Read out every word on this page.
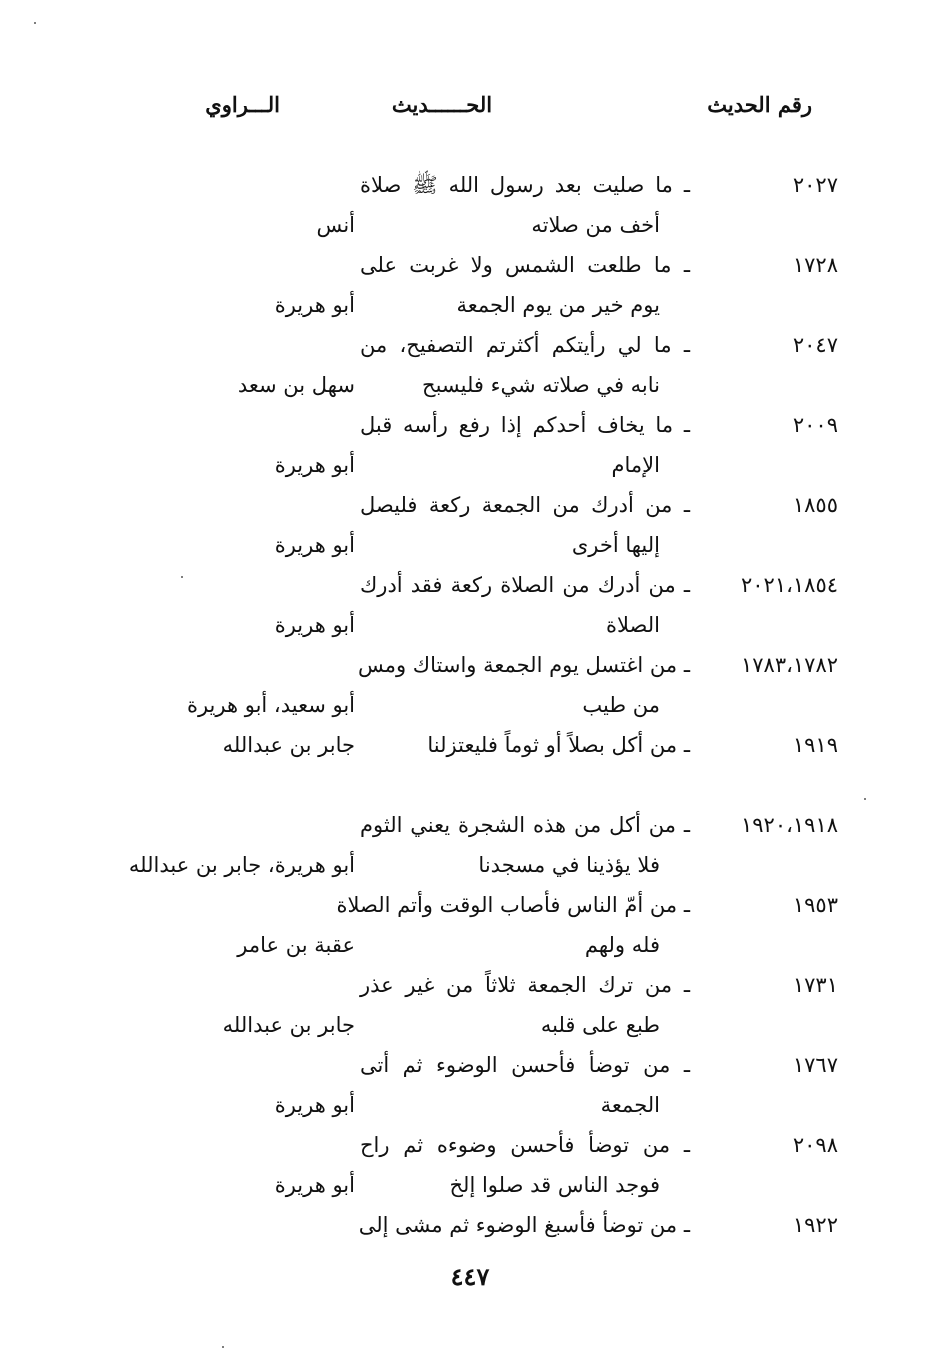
رقم الحديث
الحــــــديث
الـــراوي
٢٠٢٧
ـ ما صليت بعد رسول الله ﷺ صلاة
أخف من صلاته
أنس
١٧٢٨
ـ ما طلعت الشمس ولا غربت على
يوم خير من يوم الجمعة
أبو هريرة
٢٠٤٧
ـ ما لي رأيتكم أكثرتم التصفيح، من
نابه في صلاته شيء فليسبح
سهل بن سعد
٢٠٠٩
ـ ما يخاف أحدكم إذا رفع رأسه قبل
الإمام
أبو هريرة
١٨٥٥
ـ من أدرك من الجمعة ركعة فليصل
إليها أخرى
أبو هريرة
٢٠٢١،١٨٥٤
ـ من أدرك من الصلاة ركعة فقد أدرك
الصلاة
أبو هريرة
١٧٨٣،١٧٨٢
ـ من اغتسل يوم الجمعة واستاك ومس
من طيب
أبو سعيد، أبو هريرة
١٩١٩
ـ من أكل بصلاً أو ثوماً فليعتزلنا
جابر بن عبدالله
١٩٢٠،١٩١٨
ـ من أكل من هذه الشجرة يعني الثوم
فلا يؤذينا في مسجدنا
أبو هريرة، جابر بن عبدالله
١٩٥٣
ـ من أمّ الناس فأصاب الوقت وأتم الصلاة
فله ولهم
عقبة بن عامر
١٧٣١
ـ من ترك الجمعة ثلاثاً من غير عذر
طبع على قلبه
جابر بن عبدالله
١٧٦٧
ـ من توضأ فأحسن الوضوء ثم أتى
الجمعة
أبو هريرة
٢٠٩٨
ـ من توضأ فأحسن وضوءه ثم راح
فوجد الناس قد صلوا إلخ
أبو هريرة
١٩٢٢
ـ من توضأ فأسبغ الوضوء ثم مشى إلى
٤٤٧
